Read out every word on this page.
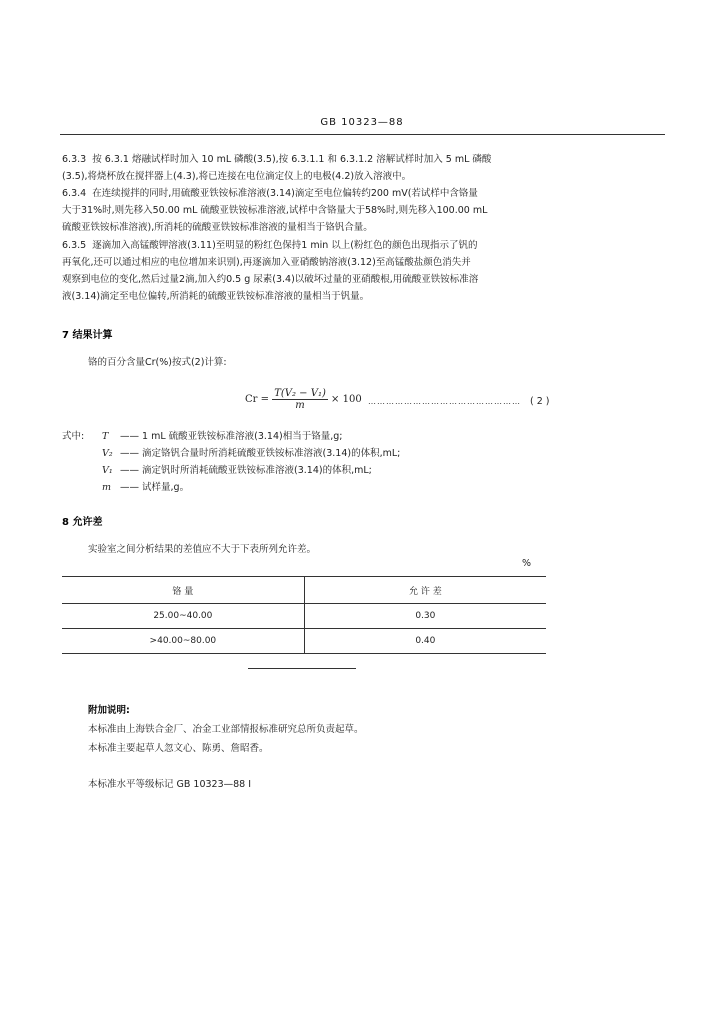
GB 10323—88
6.3.3 按 6.3.1 熔融试样时加入 10 mL 磷酸(3.5),按 6.3.1.1 和 6.3.1.2 溶解试样时加入 5 mL 磷酸
(3.5),将烧杯放在搅拌器上(4.3),将已连接在电位滴定仪上的电极(4.2)放入溶液中。
6.3.4 在连续搅拌的同时,用硫酸亚铁铵标准溶液(3.14)滴定至电位偏转约200 mV(若试样中含铬量
大于31%时,则先移入50.00 mL 硫酸亚铁铵标准溶液,试样中含铬量大于58%时,则先移入100.00 mL
硫酸亚铁铵标准溶液),所消耗的硫酸亚铁铵标准溶液的量相当于铬钒合量。
6.3.5 逐滴加入高锰酸钾溶液(3.11)至明显的粉红色保持1 min 以上(粉红色的颜色出现指示了钒的
再氧化,还可以通过相应的电位增加来识别),再逐滴加入亚硝酸钠溶液(3.12)至高锰酸盐颜色消失并
观察到电位的变化,然后过量2滴,加入约0.5 g 尿素(3.4)以破坏过量的亚硝酸根,用硫酸亚铁铵标准溶
液(3.14)滴定至电位偏转,所消耗的硫酸亚铁铵标准溶液的量相当于钒量。
7 结果计算
铬的百分含量Cr(%)按式(2)计算:
$Cr = \frac{\text{T(V₂ − V₁)}}{m} \times 100$ …………………………………………… ( 2 )
式中: T —— 1 mL 硫酸亚铁铵标准溶液(3.14)相当于铬量,g;
V₂ —— 滴定铬钒合量时所消耗硫酸亚铁铵标准溶液(3.14)的体积,mL;
V₁ —— 滴定钒时所消耗硫酸亚铁铵标准溶液(3.14)的体积,mL;
m —— 试样量,g。
8 允许差
实验室之间分析结果的差值应不大于下表所列允许差。
%
铬 量	允 许 差
25.00~40.00	0.30
>40.00~80.00	0.40
附加说明:
本标准由上海铁合金厂、冶金工业部情报标准研究总所负责起草。
本标准主要起草人忽文心、陈勇、詹昭香。
本标准水平等级标记 GB 10323—88 Ⅰ
